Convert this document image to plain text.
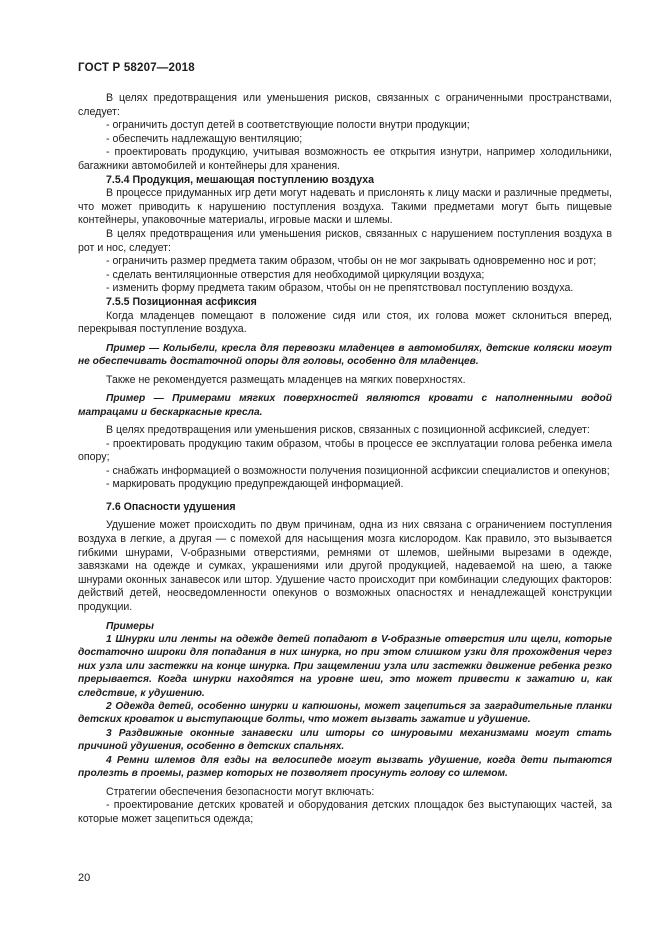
ГОСТ Р 58207—2018

В целях предотвращения или уменьшения рисков, связанных с ограниченными пространствами, следует:

- ограничить доступ детей в соответствующие полости внутри продукции;

- обеспечить надлежащую вентиляцию;

- проектировать продукцию, учитывая возможность ее открытия изнутри, например холодильники, багажники автомобилей и контейнеры для хранения.

7.5.4 Продукция, мешающая поступлению воздуха

В процессе придуманных игр дети могут надевать и прислонять к лицу маски и различные предметы, что может приводить к нарушению поступления воздуха. Такими предметами могут быть пищевые контейнеры, упаковочные материалы, игровые маски и шлемы.

В целях предотвращения или уменьшения рисков, связанных с нарушением поступления воздуха в рот и нос, следует:

- ограничить размер предмета таким образом, чтобы он не мог закрывать одновременно нос и рот;

- сделать вентиляционные отверстия для необходимой циркуляции воздуха;

- изменить форму предмета таким образом, чтобы он не препятствовал поступлению воздуха.

7.5.5 Позиционная асфиксия

Когда младенцев помещают в положение сидя или стоя, их голова может склониться вперед, перекрывая поступление воздуха.

Пример — Колыбели, кресла для перевозки младенцев в автомобилях, детские коляски могут не обеспечивать достаточной опоры для головы, особенно для младенцев.

Также не рекомендуется размещать младенцев на мягких поверхностях.

Пример — Примерами мягких поверхностей являются кровати с наполненными водой матрацами и бескаркасные кресла.

В целях предотвращения или уменьшения рисков, связанных с позиционной асфиксией, следует:

- проектировать продукцию таким образом, чтобы в процессе ее эксплуатации голова ребенка имела опору;

- снабжать информацией о возможности получения позиционной асфиксии специалистов и опекунов;

- маркировать продукцию предупреждающей информацией.

7.6 Опасности удушения

Удушение может происходить по двум причинам, одна из них связана с ограничением поступления воздуха в легкие, а другая — с помехой для насыщения мозга кислородом. Как правило, это вызывается гибкими шнурами, V-образными отверстиями, ремнями от шлемов, шейными вырезами в одежде, завязками на одежде и сумках, украшениями или другой продукцией, надеваемой на шею, а также шнурами оконных занавесок или штор. Удушение часто происходит при комбинации следующих факторов: действий детей, неосведомленности опекунов о возможных опасностях и ненадлежащей конструкции продукции.

Примеры

1 Шнурки или ленты на одежде детей попадают в V-образные отверстия или щели, которые достаточно широки для попадания в них шнурка, но при этом слишком узки для прохождения через них узла или застежки на конце шнурка. При защемлении узла или застежки движение ребенка резко прерывается. Когда шнурки находятся на уровне шеи, это может привести к зажатию и, как следствие, к удушению.

2 Одежда детей, особенно шнурки и капюшоны, может зацепиться за заградительные планки детских кроваток и выступающие болты, что может вызвать зажатие и удушение.

3 Раздвижные оконные занавески или шторы со шнуровыми механизмами могут стать причиной удушения, особенно в детских спальнях.

4 Ремни шлемов для езды на велосипеде могут вызвать удушение, когда дети пытаются пролезть в проемы, размер которых не позволяет просунуть голову со шлемом.

Стратегии обеспечения безопасности могут включать:

- проектирование детских кроватей и оборудования детских площадок без выступающих частей, за которые может зацепиться одежда;

20
